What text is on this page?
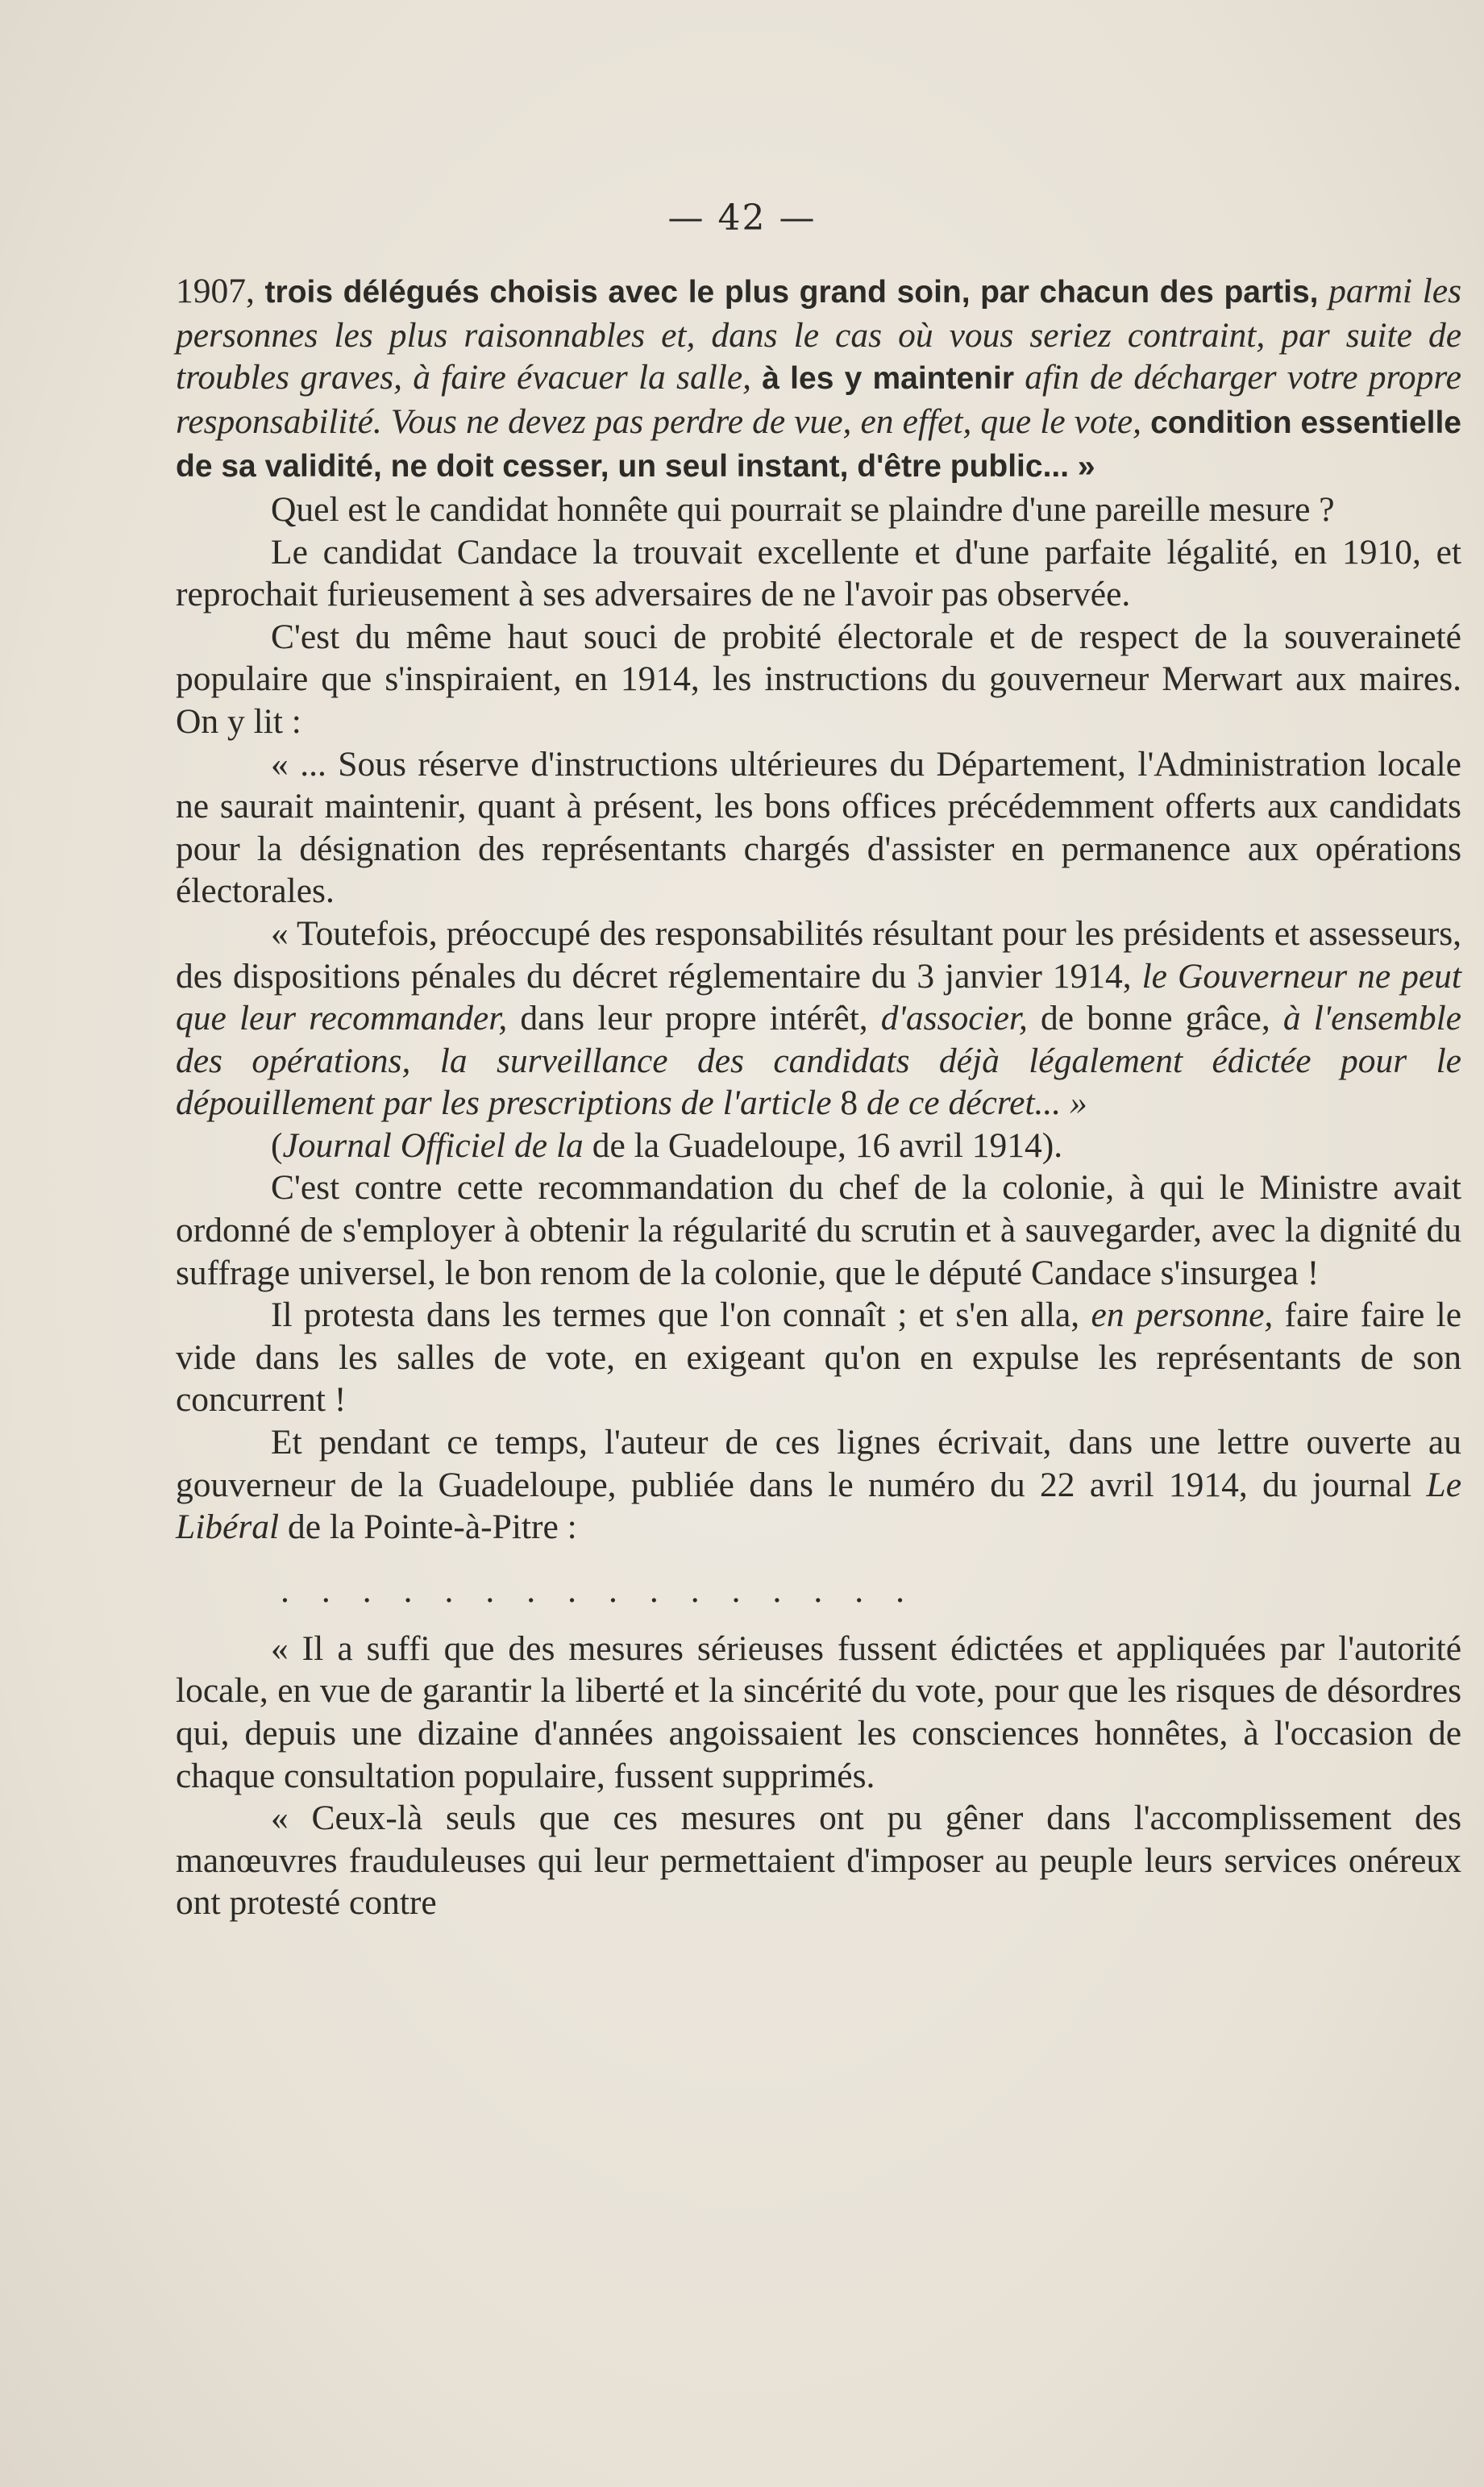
— 42 —

1907, trois délégués choisis avec le plus grand soin, par chacun des partis, parmi les personnes les plus raisonnables et, dans le cas où vous seriez contraint, par suite de troubles graves, à faire évacuer la salle, à les y maintenir afin de décharger votre propre responsabilité. Vous ne devez pas perdre de vue, en effet, que le vote, condition essentielle de sa validité, ne doit cesser, un seul instant, d'être public... »

Quel est le candidat honnête qui pourrait se plaindre d'une pareille mesure ?

Le candidat Candace la trouvait excellente et d'une parfaite légalité, en 1910, et reprochait furieusement à ses adversaires de ne l'avoir pas observée.

C'est du même haut souci de probité électorale et de respect de la souveraineté populaire que s'inspiraient, en 1914, les instructions du gouverneur Merwart aux maires. On y lit :

« ... Sous réserve d'instructions ultérieures du Département, l'Administration locale ne saurait maintenir, quant à présent, les bons offices précédemment offerts aux candidats pour la désignation des représentants chargés d'assister en permanence aux opérations électorales.

« Toutefois, préoccupé des responsabilités résultant pour les présidents et assesseurs, des dispositions pénales du décret réglementaire du 3 janvier 1914, le Gouverneur ne peut que leur recommander, dans leur propre intérêt, d'associer, de bonne grâce, à l'ensemble des opérations, la surveillance des candidats déjà légalement édictée pour le dépouillement par les prescriptions de l'article 8 de ce décret... »

(Journal Officiel de la de la Guadeloupe, 16 avril 1914).

C'est contre cette recommandation du chef de la colonie, à qui le Ministre avait ordonné de s'employer à obtenir la régularité du scrutin et à sauvegarder, avec la dignité du suffrage universel, le bon renom de la colonie, que le député Candace s'insurgea !

Il protesta dans les termes que l'on connaît ; et s'en alla, en personne, faire faire le vide dans les salles de vote, en exigeant qu'on en expulse les représentants de son concurrent !

Et pendant ce temps, l'auteur de ces lignes écrivait, dans une lettre ouverte au gouverneur de la Guadeloupe, publiée dans le numéro du 22 avril 1914, du journal Le Libéral de la Pointe-à-Pitre :

................

« Il a suffi que des mesures sérieuses fussent édictées et appliquées par l'autorité locale, en vue de garantir la liberté et la sincérité du vote, pour que les risques de désordres qui, depuis une dizaine d'années angoissaient les consciences honnêtes, à l'occasion de chaque consultation populaire, fussent supprimés.

« Ceux-là seuls que ces mesures ont pu gêner dans l'accomplissement des manœuvres frauduleuses qui leur permettaient d'imposer au peuple leurs services onéreux ont protesté contre
